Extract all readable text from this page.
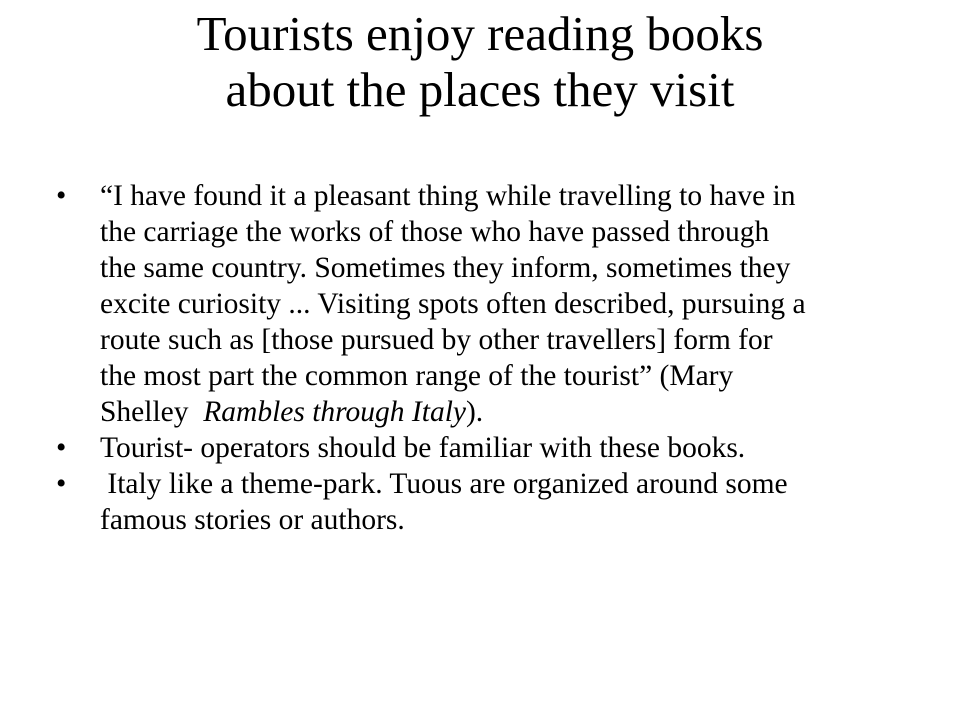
Tourists enjoy reading books
about the places they visit
•	“I have found it a pleasant thing while travelling to have in
the carriage the works of those who have passed through
the same country. Sometimes they inform, sometimes they
excite curiosity ... Visiting spots often described, pursuing a
route such as [those pursued by other travellers] form for
the most part the common range of the tourist” (Mary
Shelley  Rambles through Italy).
•	Tourist- operators should be familiar with these books.
•	Italy like a theme-park. Tuous are organized around some
famous stories or authors.
